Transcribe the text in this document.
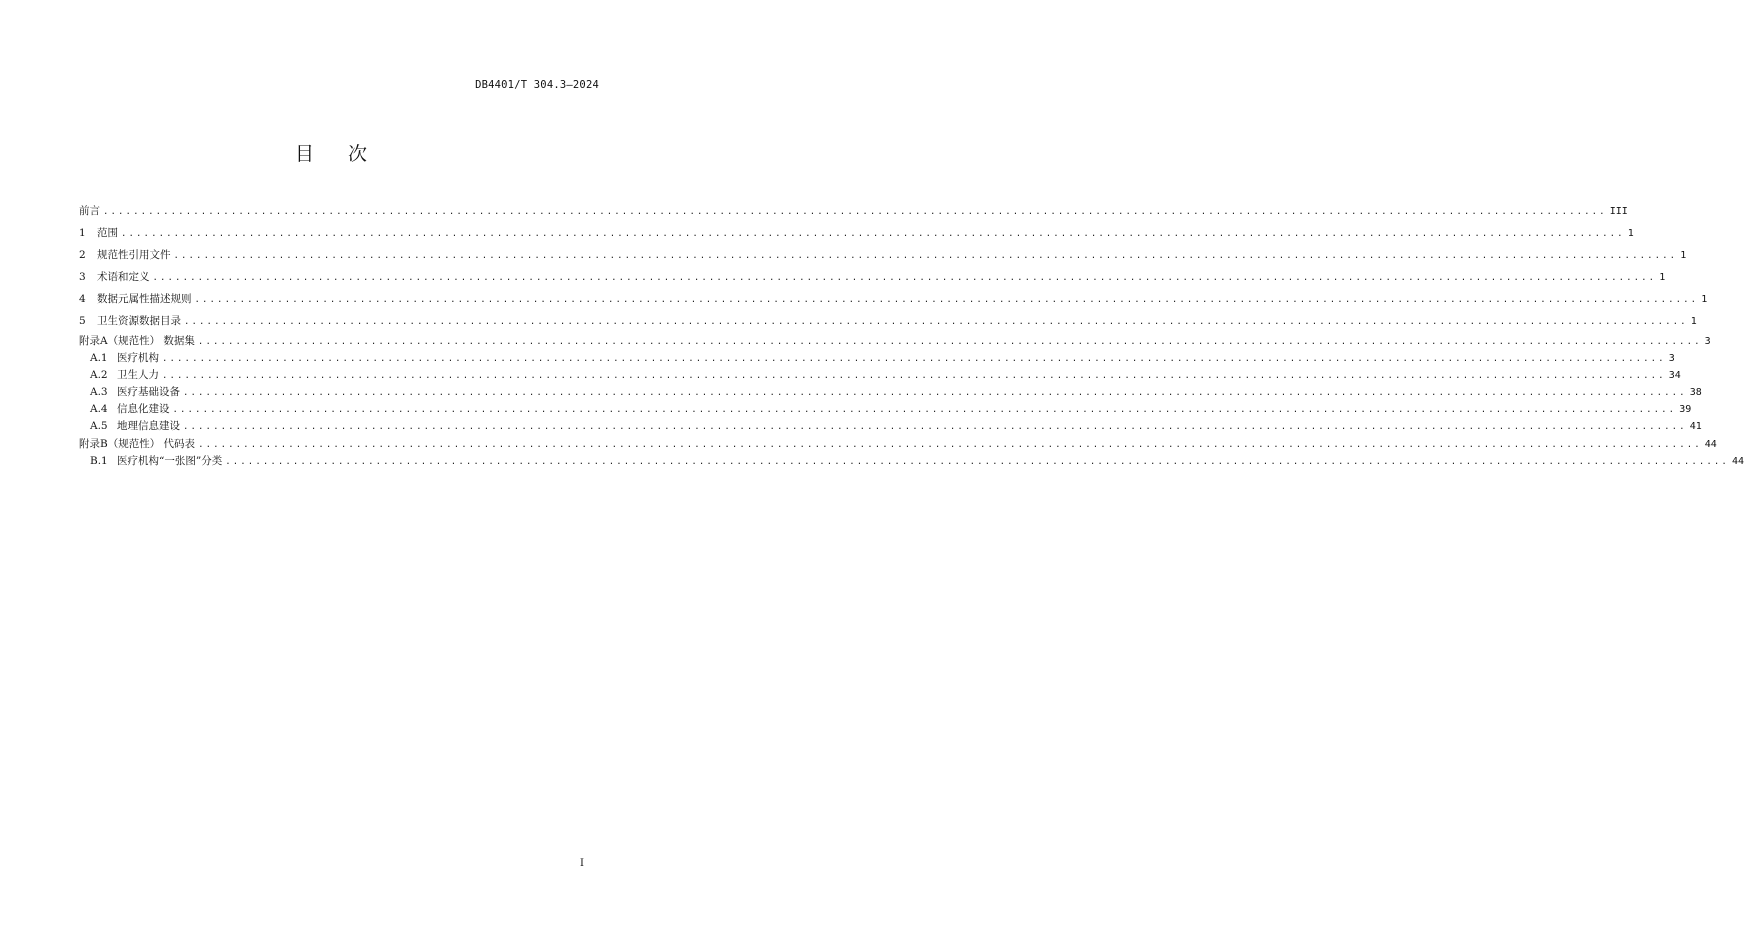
DB4401/T 304.3—2024
目次
前言 ........................................................................................................................................................................................................ III
1	范围 ........................................................................................................................................................................................................ 1
2	规范性引用文件 ........................................................................................................................................................................................................ 1
3	术语和定义 ........................................................................................................................................................................................................ 1
4	数据元属性描述规则 ........................................................................................................................................................................................................ 1
5	卫生资源数据目录 ........................................................................................................................................................................................................ 1
附录A（规范性） 数据集 ........................................................................................................................................................................................................ 3
A.1 医疗机构 ........................................................................................................................................................................................................ 3
A.2 卫生人力 ........................................................................................................................................................................................................ 34
A.3 医疗基础设备 ........................................................................................................................................................................................................ 38
A.4 信息化建设 ........................................................................................................................................................................................................ 39
A.5 地理信息建设 ........................................................................................................................................................................................................ 41
附录B（规范性） 代码表 ........................................................................................................................................................................................................ 44
B.1 医疗机构“一张图”分类 ........................................................................................................................................................................................................ 44
I
